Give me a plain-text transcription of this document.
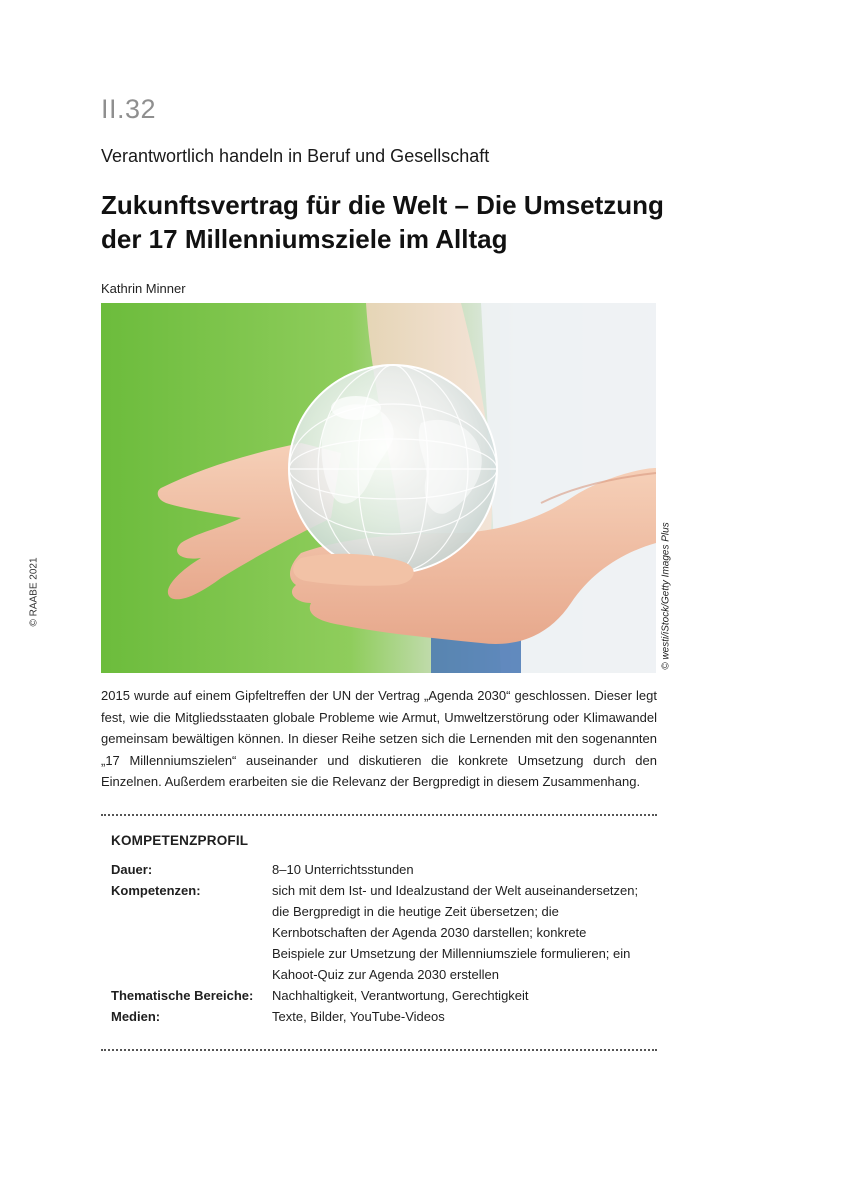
II.32
Verantwortlich handeln in Beruf und Gesellschaft
Zukunftsvertrag für die Welt – Die Umsetzung der 17 Millenniumsziele im Alltag
Kathrin Minner
© RAABE 2021	© westi/iStock/Getty Images Plus
2015 wurde auf einem Gipfeltreffen der UN der Vertrag „Agenda 2030“ geschlossen. Dieser legt fest, wie die Mitgliedsstaaten globale Probleme wie Armut, Umweltzerstörung oder Klimawandel gemeinsam bewältigen können. In dieser Reihe setzen sich die Lernenden mit den sogenannten „17 Millenniumszielen“ auseinander und diskutieren die konkrete Umsetzung durch den Einzelnen. Außerdem erarbeiten sie die Relevanz der Bergpredigt in diesem Zusammenhang.
KOMPETENZPROFIL
Dauer:	8–10 Unterrichtsstunden
Kompetenzen:	sich mit dem Ist- und Idealzustand der Welt auseinandersetzen; die Bergpredigt in die heutige Zeit übersetzen; die Kernbotschaften der Agenda 2030 darstellen; konkrete Beispiele zur Umsetzung der Millenniumsziele formulieren; ein Kahoot-Quiz zur Agenda 2030 erstellen
Thematische Bereiche:	Nachhaltigkeit, Verantwortung, Gerechtigkeit
Medien:	Texte, Bilder, YouTube-Videos
